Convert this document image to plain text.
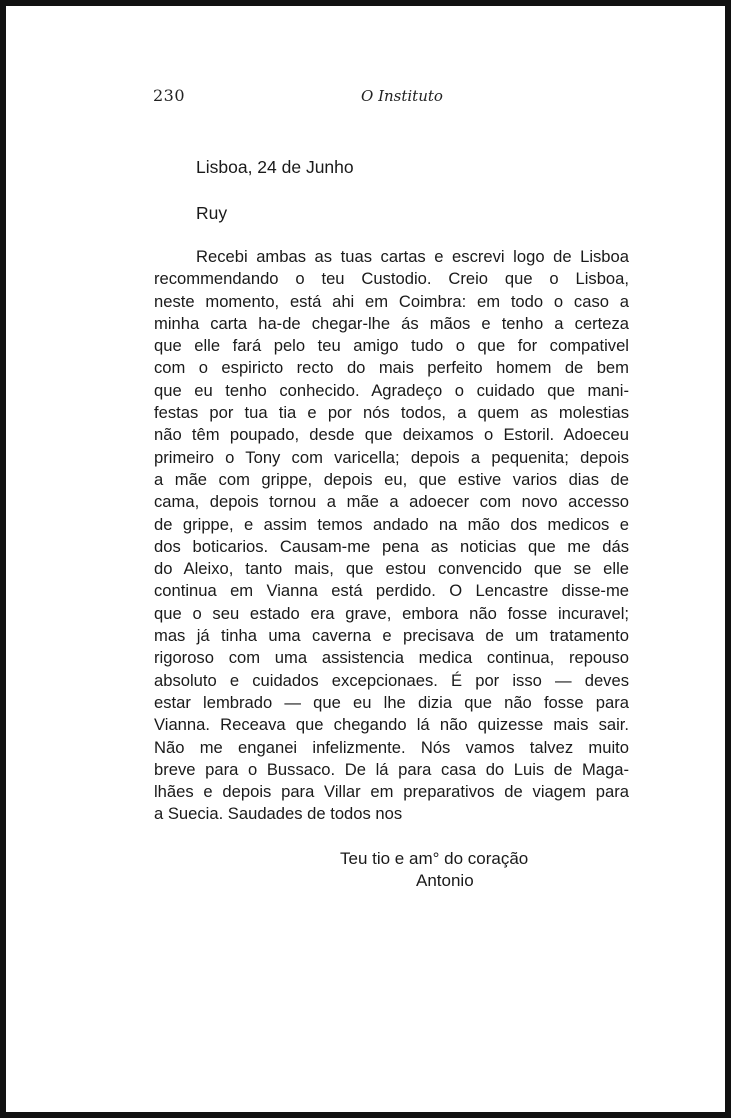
230	O Instituto
Lisboa, 24 de Junho
Ruy
Recebi ambas as tuas cartas e escrevi logo de Lisboa
recommendando o teu Custodio. Creio que o Lisboa,
neste momento, está ahi em Coimbra: em todo o caso a
minha carta ha-de chegar-lhe ás mãos e tenho a certeza
que elle fará pelo teu amigo tudo o que for compativel
com o espiricto recto do mais perfeito homem de bem
que eu tenho conhecido. Agradeço o cuidado que mani-
festas por tua tia e por nós todos, a quem as molestias
não têm poupado, desde que deixamos o Estoril. Adoeceu
primeiro o Tony com varicella; depois a pequenita; depois
a mãe com grippe, depois eu, que estive varios dias de
cama, depois tornou a mãe a adoecer com novo accesso
de grippe, e assim temos andado na mão dos medicos e
dos boticarios. Causam-me pena as noticias que me dás
do Aleixo, tanto mais, que estou convencido que se elle
continua em Vianna está perdido. O Lencastre disse-me
que o seu estado era grave, embora não fosse incuravel;
mas já tinha uma caverna e precisava de um tratamento
rigoroso com uma assistencia medica continua, repouso
absoluto e cuidados excepcionaes. É por isso — deves
estar lembrado — que eu lhe dizia que não fosse para
Vianna. Receava que chegando lá não quizesse mais sair.
Não me enganei infelizmente. Nós vamos talvez muito
breve para o Bussaco. De lá para casa do Luis de Maga-
lhães e depois para Villar em preparativos de viagem para
a Suecia. Saudades de todos nos
Teu tio e am° do coração
Antonio
